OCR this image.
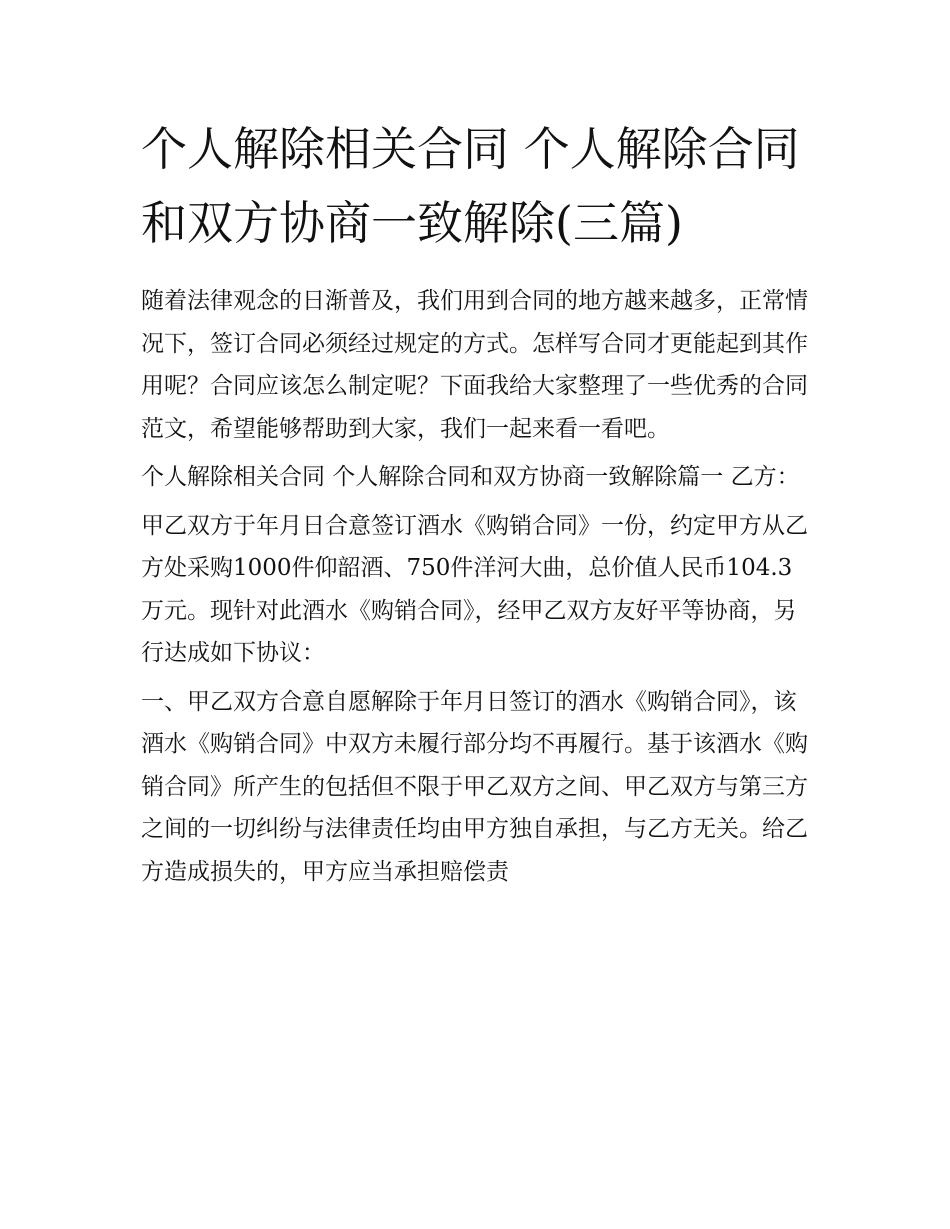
个人解除相关合同 个人解除合同和双方协商一致解除(三篇)

随着法律观念的日渐普及，我们用到合同的地方越来越多，正常情况下，签订合同必须经过规定的方式。怎样写合同才更能起到其作用呢？合同应该怎么制定呢？下面我给大家整理了一些优秀的合同范文，希望能够帮助到大家，我们一起来看一看吧。

个人解除相关合同 个人解除合同和双方协商一致解除篇一 乙方：

甲乙双方于年月日合意签订酒水《购销合同》一份，约定甲方从乙方处采购1000件仰韶酒、750件洋河大曲，总价值人民币104.3万元。现针对此酒水《购销合同》，经甲乙双方友好平等协商，另行达成如下协议：

一、甲乙双方合意自愿解除于年月日签订的酒水《购销合同》，该酒水《购销合同》中双方未履行部分均不再履行。基于该酒水《购销合同》所产生的包括但不限于甲乙双方之间、甲乙双方与第三方之间的一切纠纷与法律责任均由甲方独自承担，与乙方无关。给乙方造成损失的，甲方应当承担赔偿责
